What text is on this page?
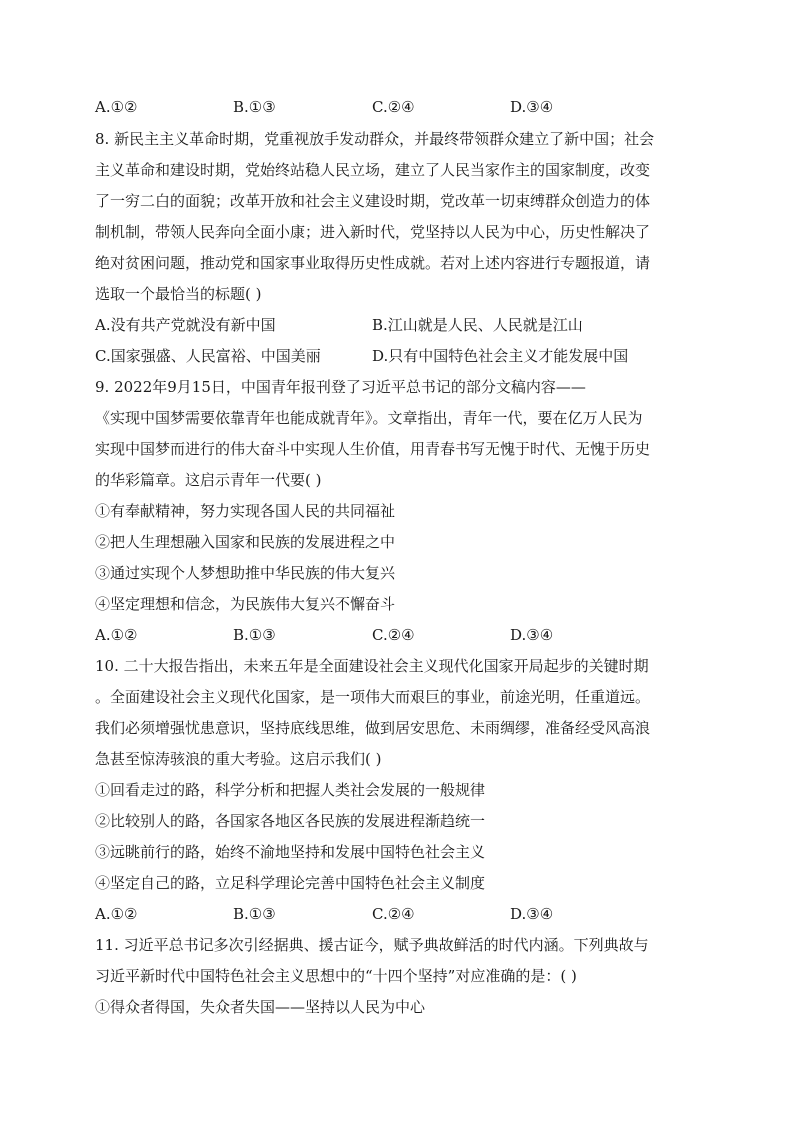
A.①②	B.①③	C.②④	D.③④
8. 新民主主义革命时期，党重视放手发动群众，并最终带领群众建立了新中国；社会
主义革命和建设时期，党始终站稳人民立场，建立了人民当家作主的国家制度，改变
了一穷二白的面貌；改革开放和社会主义建设时期，党改革一切束缚群众创造力的体
制机制，带领人民奔向全面小康；进入新时代，党坚持以人民为中心，历史性解决了
绝对贫困问题，推动党和国家事业取得历史性成就。若对上述内容进行专题报道，请
选取一个最恰当的标题( )
A.没有共产党就没有新中国	B.江山就是人民、人民就是江山
C.国家强盛、人民富裕、中国美丽	D.只有中国特色社会主义才能发展中国
9. 2022年9月15日，中国青年报刊登了习近平总书记的部分文稿内容——
《实现中国梦需要依靠青年也能成就青年》。文章指出，青年一代，要在亿万人民为
实现中国梦而进行的伟大奋斗中实现人生价值，用青春书写无愧于时代、无愧于历史
的华彩篇章。这启示青年一代要( )
①有奉献精神，努力实现各国人民的共同福祉
②把人生理想融入国家和民族的发展进程之中
③通过实现个人梦想助推中华民族的伟大复兴
④坚定理想和信念，为民族伟大复兴不懈奋斗
A.①②	B.①③	C.②④	D.③④
10. 二十大报告指出，未来五年是全面建设社会主义现代化国家开局起步的关键时期
。全面建设社会主义现代化国家，是一项伟大而艰巨的事业，前途光明，任重道远。
我们必须增强忧患意识，坚持底线思维，做到居安思危、未雨绸缪，准备经受风高浪
急甚至惊涛骇浪的重大考验。这启示我们( )
①回看走过的路，科学分析和把握人类社会发展的一般规律
②比较别人的路，各国家各地区各民族的发展进程渐趋统一
③远眺前行的路，始终不渝地坚持和发展中国特色社会主义
④坚定自己的路，立足科学理论完善中国特色社会主义制度
A.①②	B.①③	C.②④	D.③④
11. 习近平总书记多次引经据典、援古证今，赋予典故鲜活的时代内涵。下列典故与
习近平新时代中国特色社会主义思想中的“十四个坚持”对应准确的是：( )
①得众者得国，失众者失国——坚持以人民为中心
